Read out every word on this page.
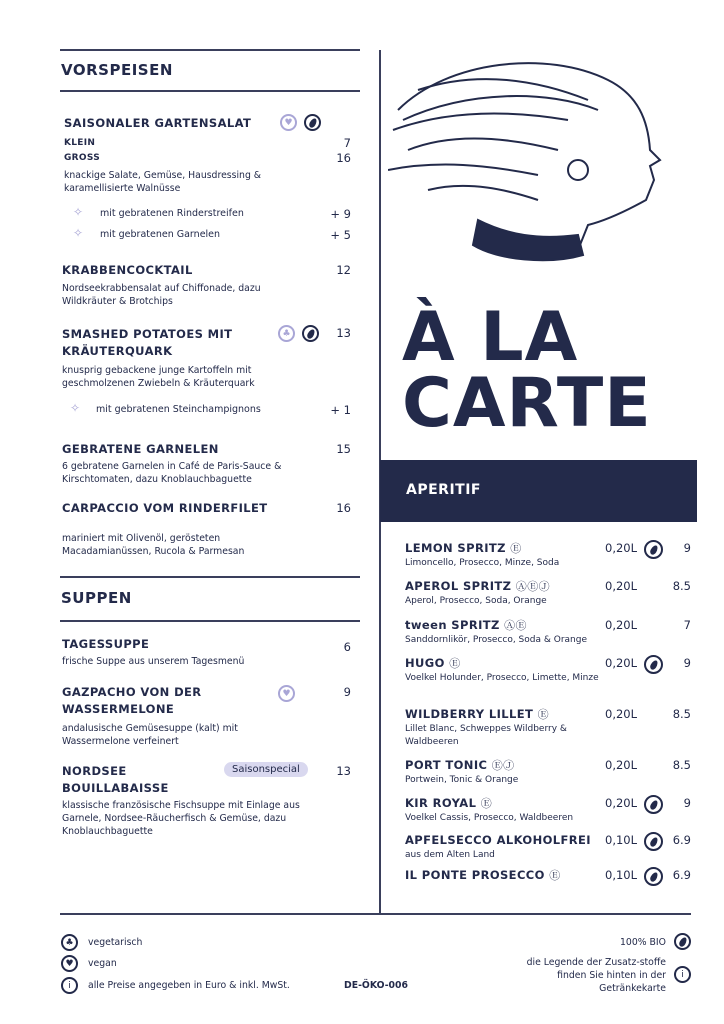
VORSPEISEN
SAISONALER GARTENSALAT	♥
KLEIN	7
GROSS	16
knackige Salate, Gemüse, Hausdressing & karamellisierte Walnüsse
✧ mit gebratenen Rinderstreifen	+ 9
✧ mit gebratenen Garnelen	+ 5
KRABBENCOCKTAIL	12
Nordseekrabbensalat auf Chiffonade, dazu Wildkräuter & Brotchips
SMASHED POTATOES MIT KRÄUTERQUARK
♣	13
knusprig gebackene junge Kartoffeln mit geschmolzenen Zwiebeln & Kräuterquark
✧ mit gebratenen Steinchampignons	+ 1
GEBRATENE GARNELEN	15
6 gebratene Garnelen in Café de Paris-Sauce & Kirschtomaten, dazu Knoblauchbaguette
CARPACCIO VOM RINDERFILET	16
mariniert mit Olivenöl, gerösteten Macadamianüssen, Rucola & Parmesan
SUPPEN
TAGESSUPPE	6
frische Suppe aus unserem Tagesmenü
GAZPACHO VON DER WASSERMELONE
♥	9
andalusische Gemüsesuppe (kalt) mit Wassermelone verfeinert
NORDSEE BOUILLABAISSE
Saisonspecial	13
klassische französische Fischsuppe mit Einlage aus Garnele, Nordsee-Räucherfisch & Gemüse, dazu Knoblauchbaguette
À LA
CARTE
APERITIF
LEMON SPRITZ Ⓔ
Limoncello, Prosecco, Minze, Soda
0,20L	9
APEROL SPRITZ ⒶⒺⒿ
Aperol, Prosecco, Soda, Orange
0,20L	8.5
tween SPRITZ ⒶⒺ
Sanddornlikör, Prosecco, Soda & Orange
0,20L	7
HUGO Ⓔ
Voelkel Holunder, Prosecco, Limette, Minze
0,20L	9
WILDBERRY LILLET Ⓔ
Lillet Blanc, Schweppes Wildberry & Waldbeeren
0,20L	8.5
PORT TONIC ⒺⒿ
Portwein, Tonic & Orange
0,20L	8.5
KIR ROYAL Ⓔ
Voelkel Cassis, Prosecco, Waldbeeren
0,20L	9
APFELSECCO ALKOHOLFREI
aus dem Alten Land
0,10L	6.9
IL PONTE PROSECCO Ⓔ	0,10L	6.9
♣	vegetarisch
♥	vegan
i	alle Preise angegeben in Euro & inkl. MwSt.	DE-ÖKO-006
100% BIO
die Legende der Zusatz-stoffe finden Sie hinten in der Getränkekarte
i
